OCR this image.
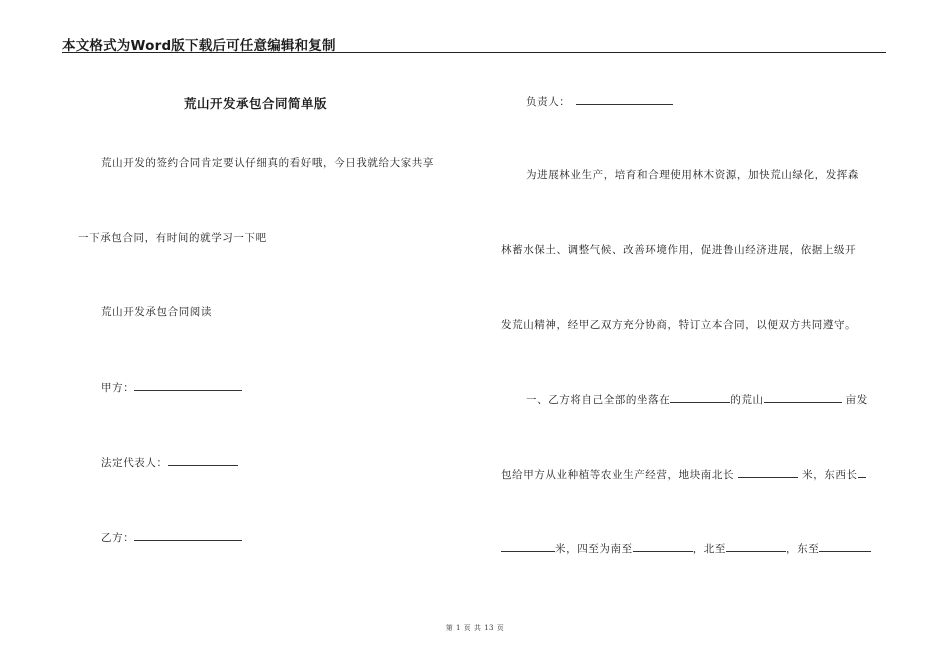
本文格式为Word版下载后可任意编辑和复制
荒山开发承包合同简单版
荒山开发的签约合同肯定要认仔细真的看好哦，今日我就给大家共享
一下承包合同，有时间的就学习一下吧
荒山开发承包合同阅读
甲方：
法定代表人：
乙方：
负责人：
为进展林业生产，培育和合理使用林木资源，加快荒山绿化，发挥森
林蓄水保土、调整气候、改善环境作用，促进鲁山经济进展，依据上级开
发荒山精神，经甲乙双方充分协商，特订立本合同，以便双方共同遵守。
一、乙方将自己全部的坐落在	的荒山	亩发
包给甲方从业种植等农业生产经营，地块南北长	米，东西长
米，四至为南至	，北至	，东至
第 1 页 共 13 页
